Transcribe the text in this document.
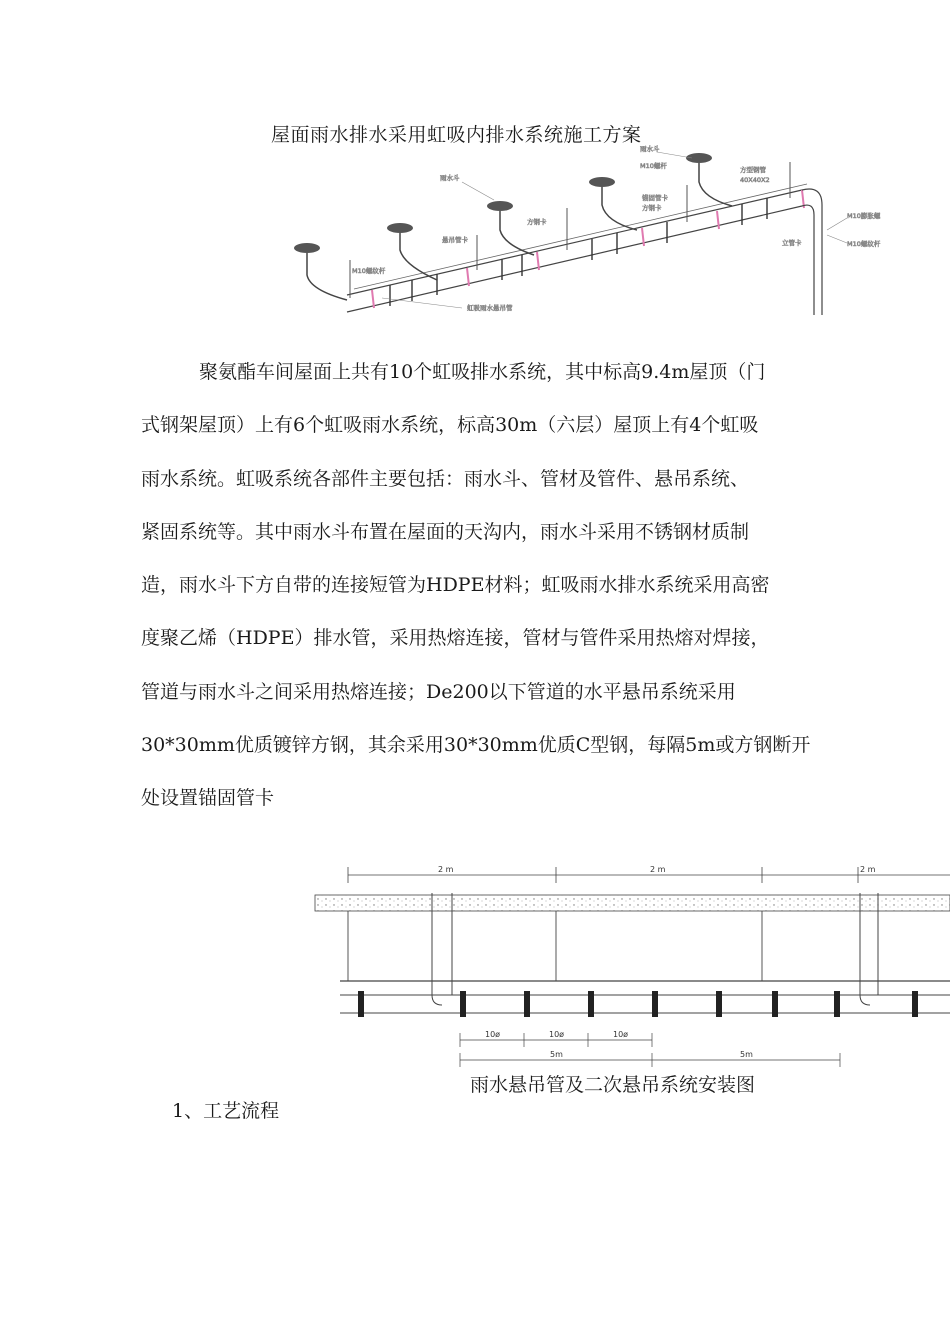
屋面雨水排水采用虹吸内排水系统施工方案
雨水斗
雨水斗
M10螺杆	方型钢管
40X40X2
锚固管卡
方钢卡
方钢卡
悬吊管卡	立管卡
M10膨胀螺
M10螺纹杆
M10螺纹杆
虹吸雨水悬吊管
聚氨酯车间屋面上共有10个虹吸排水系统，其中标高9.4m屋顶（门
式钢架屋顶）上有6个虹吸雨水系统，标高30m（六层）屋顶上有4个虹吸
雨水系统。虹吸系统各部件主要包括：雨水斗、管材及管件、悬吊系统、
紧固系统等。其中雨水斗布置在屋面的天沟内，雨水斗采用不锈钢材质制
造，雨水斗下方自带的连接短管为HDPE材料；虹吸雨水排水系统采用高密
度聚乙烯（HDPE）排水管，采用热熔连接，管材与管件采用热熔对焊接，
管道与雨水斗之间采用热熔连接；De200以下管道的水平悬吊系统采用
30*30mm优质镀锌方钢，其余采用30*30mm优质C型钢，每隔5m或方钢断开
处设置锚固管卡
2 m	2 m	2 m
10ø	10ø	10ø
5m	5m
雨水悬吊管及二次悬吊系统安装图
1、工艺流程
